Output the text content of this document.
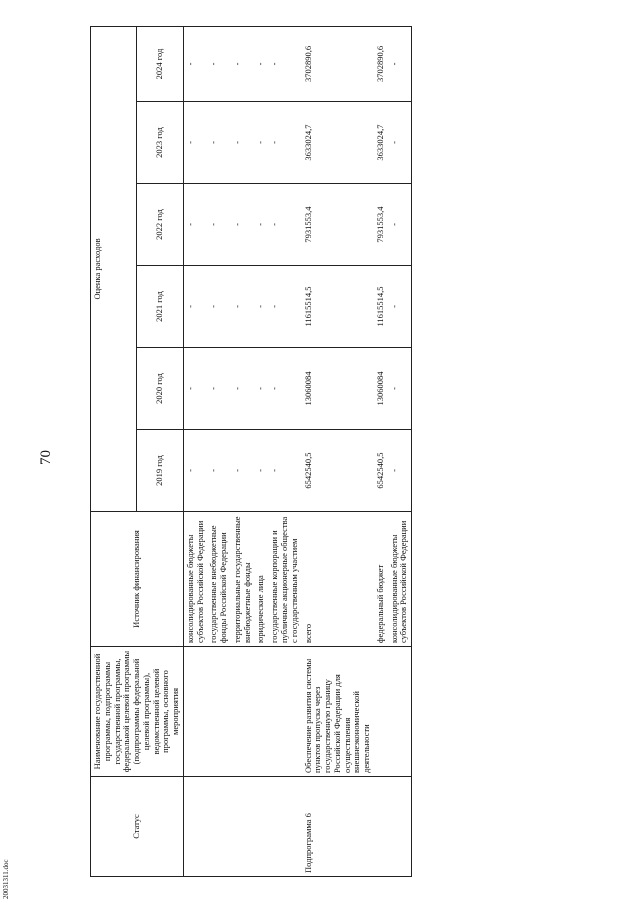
70
20031311.doc
Статус	Наименование государственной программы, подпрограммы государственной программы, федеральной целевой программы (подпрограммы федеральной целевой программы), ведомственной целевой программы, основного мероприятия	Источник финансирования	Оценка расходов					
			2019 год	2020 год	2021 год	2022 год	2023 год	2024 год
		консолидированные бюджеты субъектов Российской Федерации	-	-	-	-	-	-
		государственные внебюджетные фонды Российской Федерации	-	-	-	-	-	-
		территориальные государственные внебюджетные фонды	-	-	-	-	-	-
		юридические лица	-	-	-	-	-	-
		государственные корпорации и публичные акционерные общества с государственным участием	-	-	-	-	-	-
Подпрограмма 6	Обеспечение развития системы пунктов пропуска через государственную границу Российской Федерации для осуществления внешнеэкономической деятельности	всего	6542540,5	13060084	11615514,5	7931553,4	3633024,7	3702890,6
		федеральный бюджет	6542540,5	13060084	11615514,5	7931553,4	3633024,7	3702890,6
		консолидированные бюджеты субъектов Российской Федерации	-	-	-	-	-	-
